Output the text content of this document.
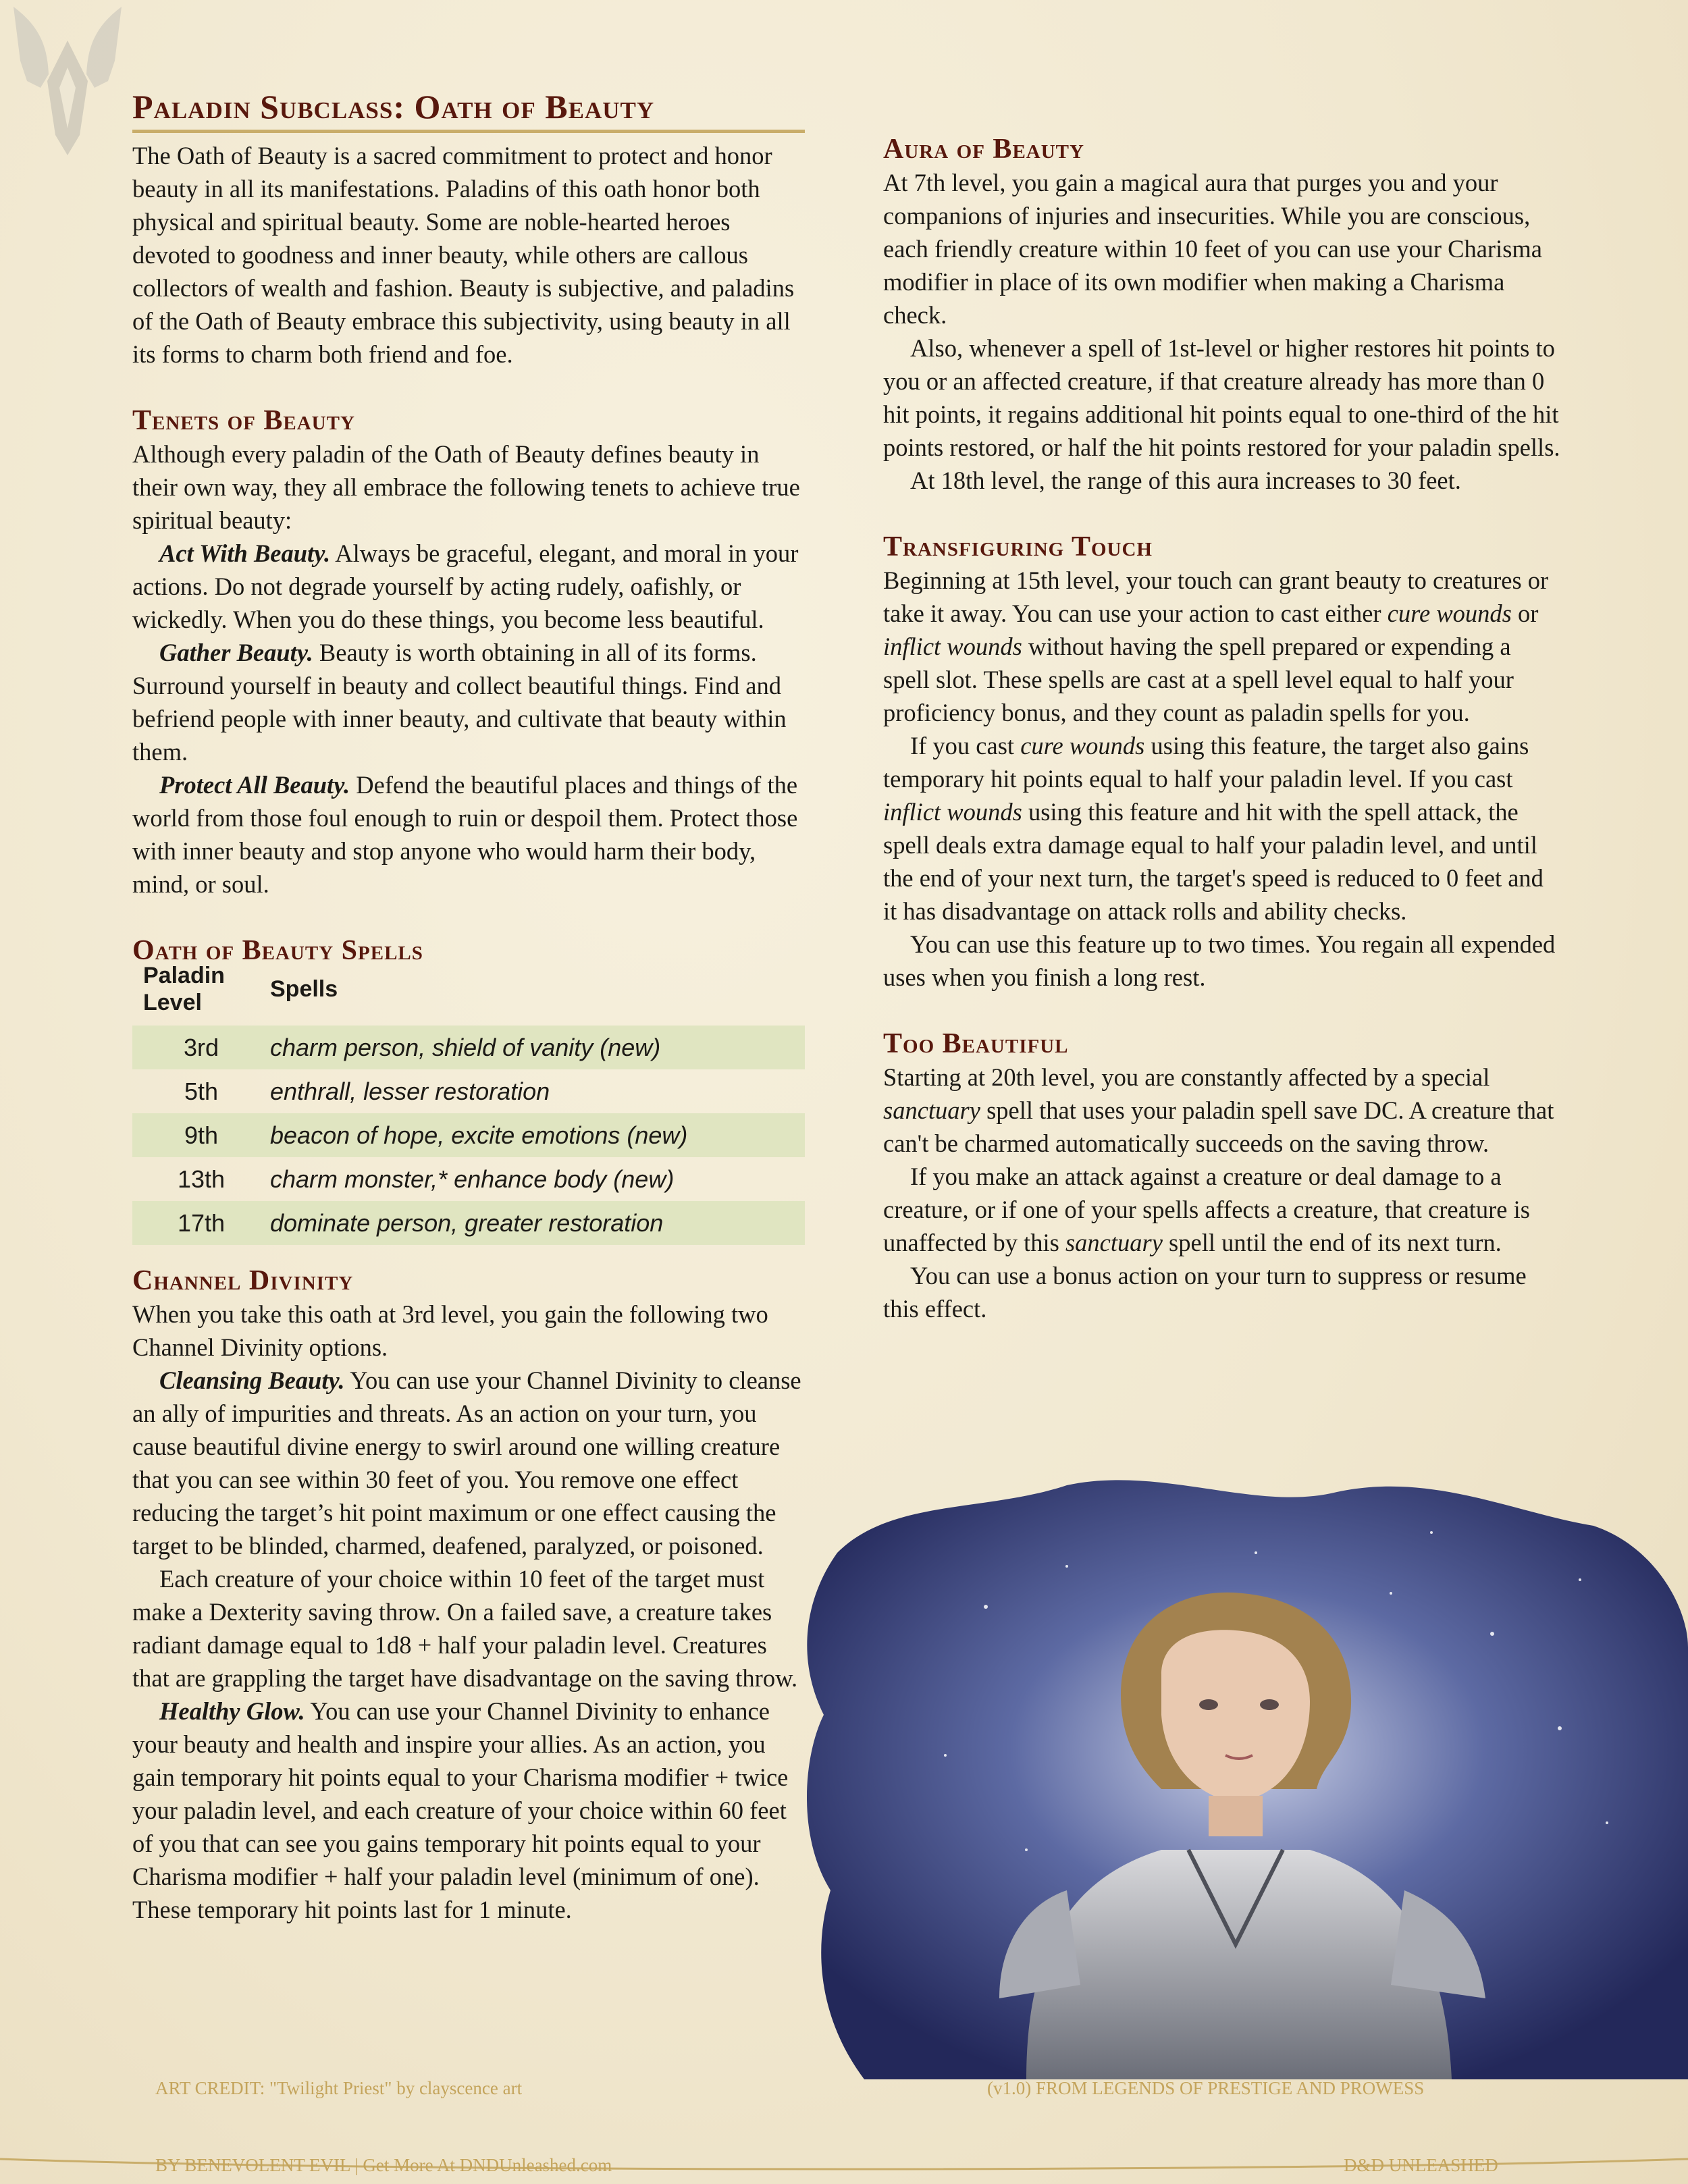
Paladin Subclass: Oath of Beauty

The Oath of Beauty is a sacred commitment to protect and honor beauty in all its manifestations. Paladins of this oath honor both physical and spiritual beauty. Some are noble-hearted heroes devoted to goodness and inner beauty, while others are callous collectors of wealth and fashion. Beauty is subjective, and paladins of the Oath of Beauty embrace this subjectivity, using beauty in all its forms to charm both friend and foe.

Tenets of Beauty

Although every paladin of the Oath of Beauty defines beauty in their own way, they all embrace the following tenets to achieve true spiritual beauty:

Act With Beauty. Always be graceful, elegant, and moral in your actions. Do not degrade yourself by acting rudely, oafishly, or wickedly. When you do these things, you become less beautiful.

Gather Beauty. Beauty is worth obtaining in all of its forms. Surround yourself in beauty and collect beautiful things. Find and befriend people with inner beauty, and cultivate that beauty within them.

Protect All Beauty. Defend the beautiful places and things of the world from those foul enough to ruin or despoil them. Protect those with inner beauty and stop anyone who would harm their body, mind, or soul.

Oath of Beauty Spells
Paladin Level	Spells
3rd	charm person, shield of vanity (new)
5th	enthrall, lesser restoration
9th	beacon of hope, excite emotions (new)
13th	charm monster,* enhance body (new)
17th	dominate person, greater restoration
Channel Divinity

When you take this oath at 3rd level, you gain the following two Channel Divinity options.

Cleansing Beauty. You can use your Channel Divinity to cleanse an ally of impurities and threats. As an action on your turn, you cause beautiful divine energy to swirl around one willing creature that you can see within 30 feet of you. You remove one effect reducing the target’s hit point maximum or one effect causing the target to be blinded, charmed, deafened, paralyzed, or poisoned.

Each creature of your choice within 10 feet of the target must make a Dexterity saving throw. On a failed save, a creature takes radiant damage equal to 1d8 + half your paladin level. Creatures that are grappling the target have disadvantage on the saving throw.

Healthy Glow. You can use your Channel Divinity to enhance your beauty and health and inspire your allies. As an action, you gain temporary hit points equal to your Charisma modifier + twice your paladin level, and each creature of your choice within 60 feet of you that can see you gains temporary hit points equal to your Charisma modifier + half your paladin level (minimum of one). These temporary hit points last for 1 minute.

Aura of Beauty

At 7th level, you gain a magical aura that purges you and your companions of injuries and insecurities. While you are conscious, each friendly creature within 10 feet of you can use your Charisma modifier in place of its own modifier when making a Charisma check.

Also, whenever a spell of 1st-level or higher restores hit points to you or an affected creature, if that creature already has more than 0 hit points, it regains additional hit points equal to one-third of the hit points restored, or half the hit points restored for your paladin spells.

At 18th level, the range of this aura increases to 30 feet.

Transfiguring Touch

Beginning at 15th level, your touch can grant beauty to creatures or take it away. You can use your action to cast either cure wounds or inflict wounds without having the spell prepared or expending a spell slot. These spells are cast at a spell level equal to half your proficiency bonus, and they count as paladin spells for you.

If you cast cure wounds using this feature, the target also gains temporary hit points equal to half your paladin level. If you cast inflict wounds using this feature and hit with the spell attack, the spell deals extra damage equal to half your paladin level, and until the end of your next turn, the target's speed is reduced to 0 feet and it has disadvantage on attack rolls and ability checks.

You can use this feature up to two times. You regain all expended uses when you finish a long rest.

Too Beautiful

Starting at 20th level, you are constantly affected by a special sanctuary spell that uses your paladin spell save DC. A creature that can't be charmed automatically succeeds on the saving throw.

If you make an attack against a creature or deal damage to a creature, or if one of your spells affects a creature, that creature is unaffected by this sanctuary spell until the end of its next turn.

You can use a bonus action on your turn to suppress or resume this effect.

ART CREDIT: "Twilight Priest" by clayscence art	(v1.0) FROM LEGENDS OF PRESTIGE AND PROWESS
BY BENEVOLENT EVIL | Get More At DNDUnleashed.com	D&D UNLEASHED
